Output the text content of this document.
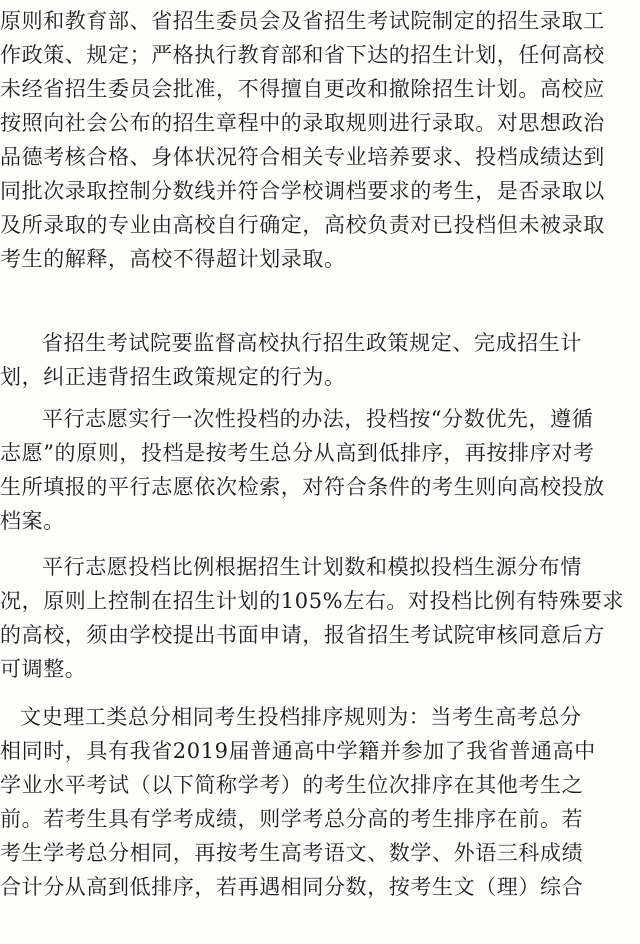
原则和教育部、省招生委员会及省招生考试院制定的招生录取工
作政策、规定；严格执行教育部和省下达的招生计划，任何高校
未经省招生委员会批准，不得擅自更改和撤除招生计划。高校应
按照向社会公布的招生章程中的录取规则进行录取。对思想政治
品德考核合格、身体状况符合相关专业培养要求、投档成绩达到
同批次录取控制分数线并符合学校调档要求的考生，是否录取以
及所录取的专业由高校自行确定，高校负责对已投档但未被录取
考生的解释，高校不得超计划录取。
省招生考试院要监督高校执行招生政策规定、完成招生计
划，纠正违背招生政策规定的行为。
平行志愿实行一次性投档的办法，投档按“分数优先，遵循
志愿”的原则，投档是按考生总分从高到低排序，再按排序对考
生所填报的平行志愿依次检索，对符合条件的考生则向高校投放
档案。
平行志愿投档比例根据招生计划数和模拟投档生源分布情
况，原则上控制在招生计划的105%左右。对投档比例有特殊要求
的高校，须由学校提出书面申请，报省招生考试院审核同意后方
可调整。
文史理工类总分相同考生投档排序规则为：当考生高考总分
相同时，具有我省2019届普通高中学籍并参加了我省普通高中
学业水平考试（以下简称学考）的考生位次排序在其他考生之
前。若考生具有学考成绩，则学考总分高的考生排序在前。若
考生学考总分相同，再按考生高考语文、数学、外语三科成绩
合计分从高到低排序，若再遇相同分数，按考生文（理）综合
